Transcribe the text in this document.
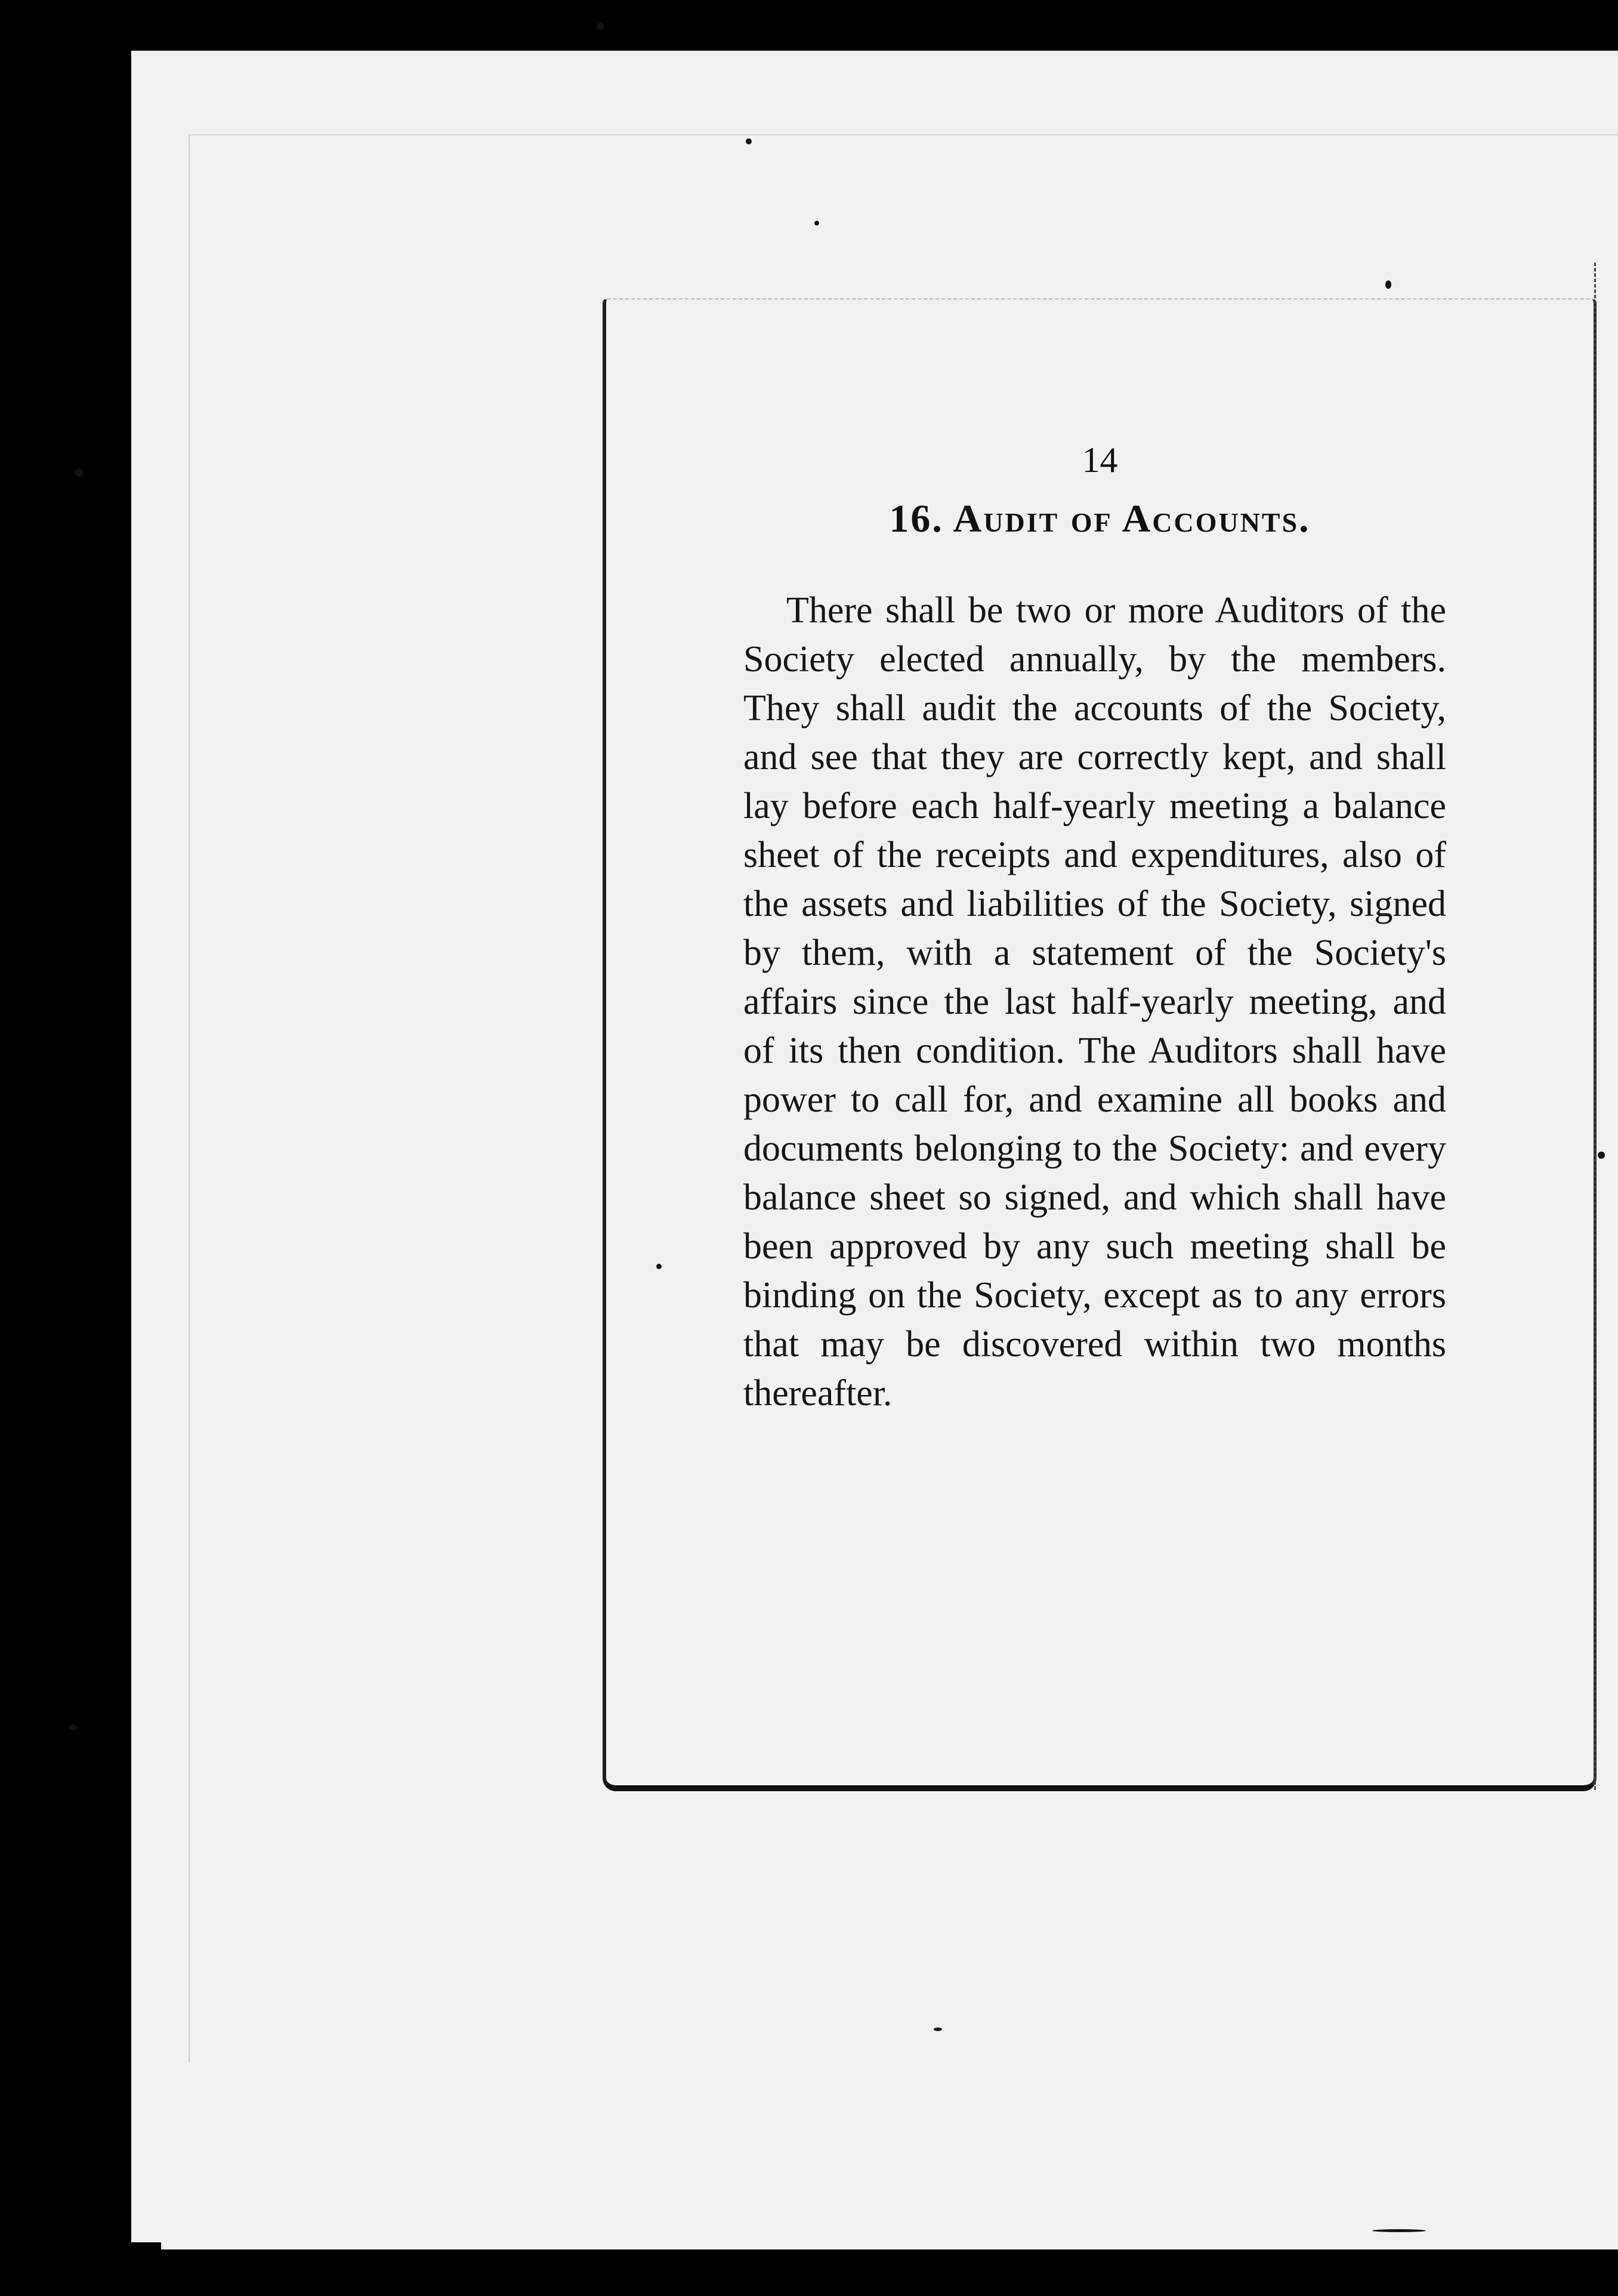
14
16. Audit of Accounts.

There shall be two or more Auditors of the Society elected annually, by the members. They shall audit the accounts of the Society, and see that they are correctly kept, and shall lay before each half-yearly meeting a balance sheet of the receipts and expenditures, also of the assets and liabilities of the Society, signed by them, with a statement of the Society's affairs since the last half-yearly meeting, and of its then condition. The Auditors shall have power to call for, and examine all books and documents belonging to the Society: and every balance sheet so signed, and which shall have been approved by any such meeting shall be binding on the Society, except as to any errors that may be discovered within two months thereafter.
